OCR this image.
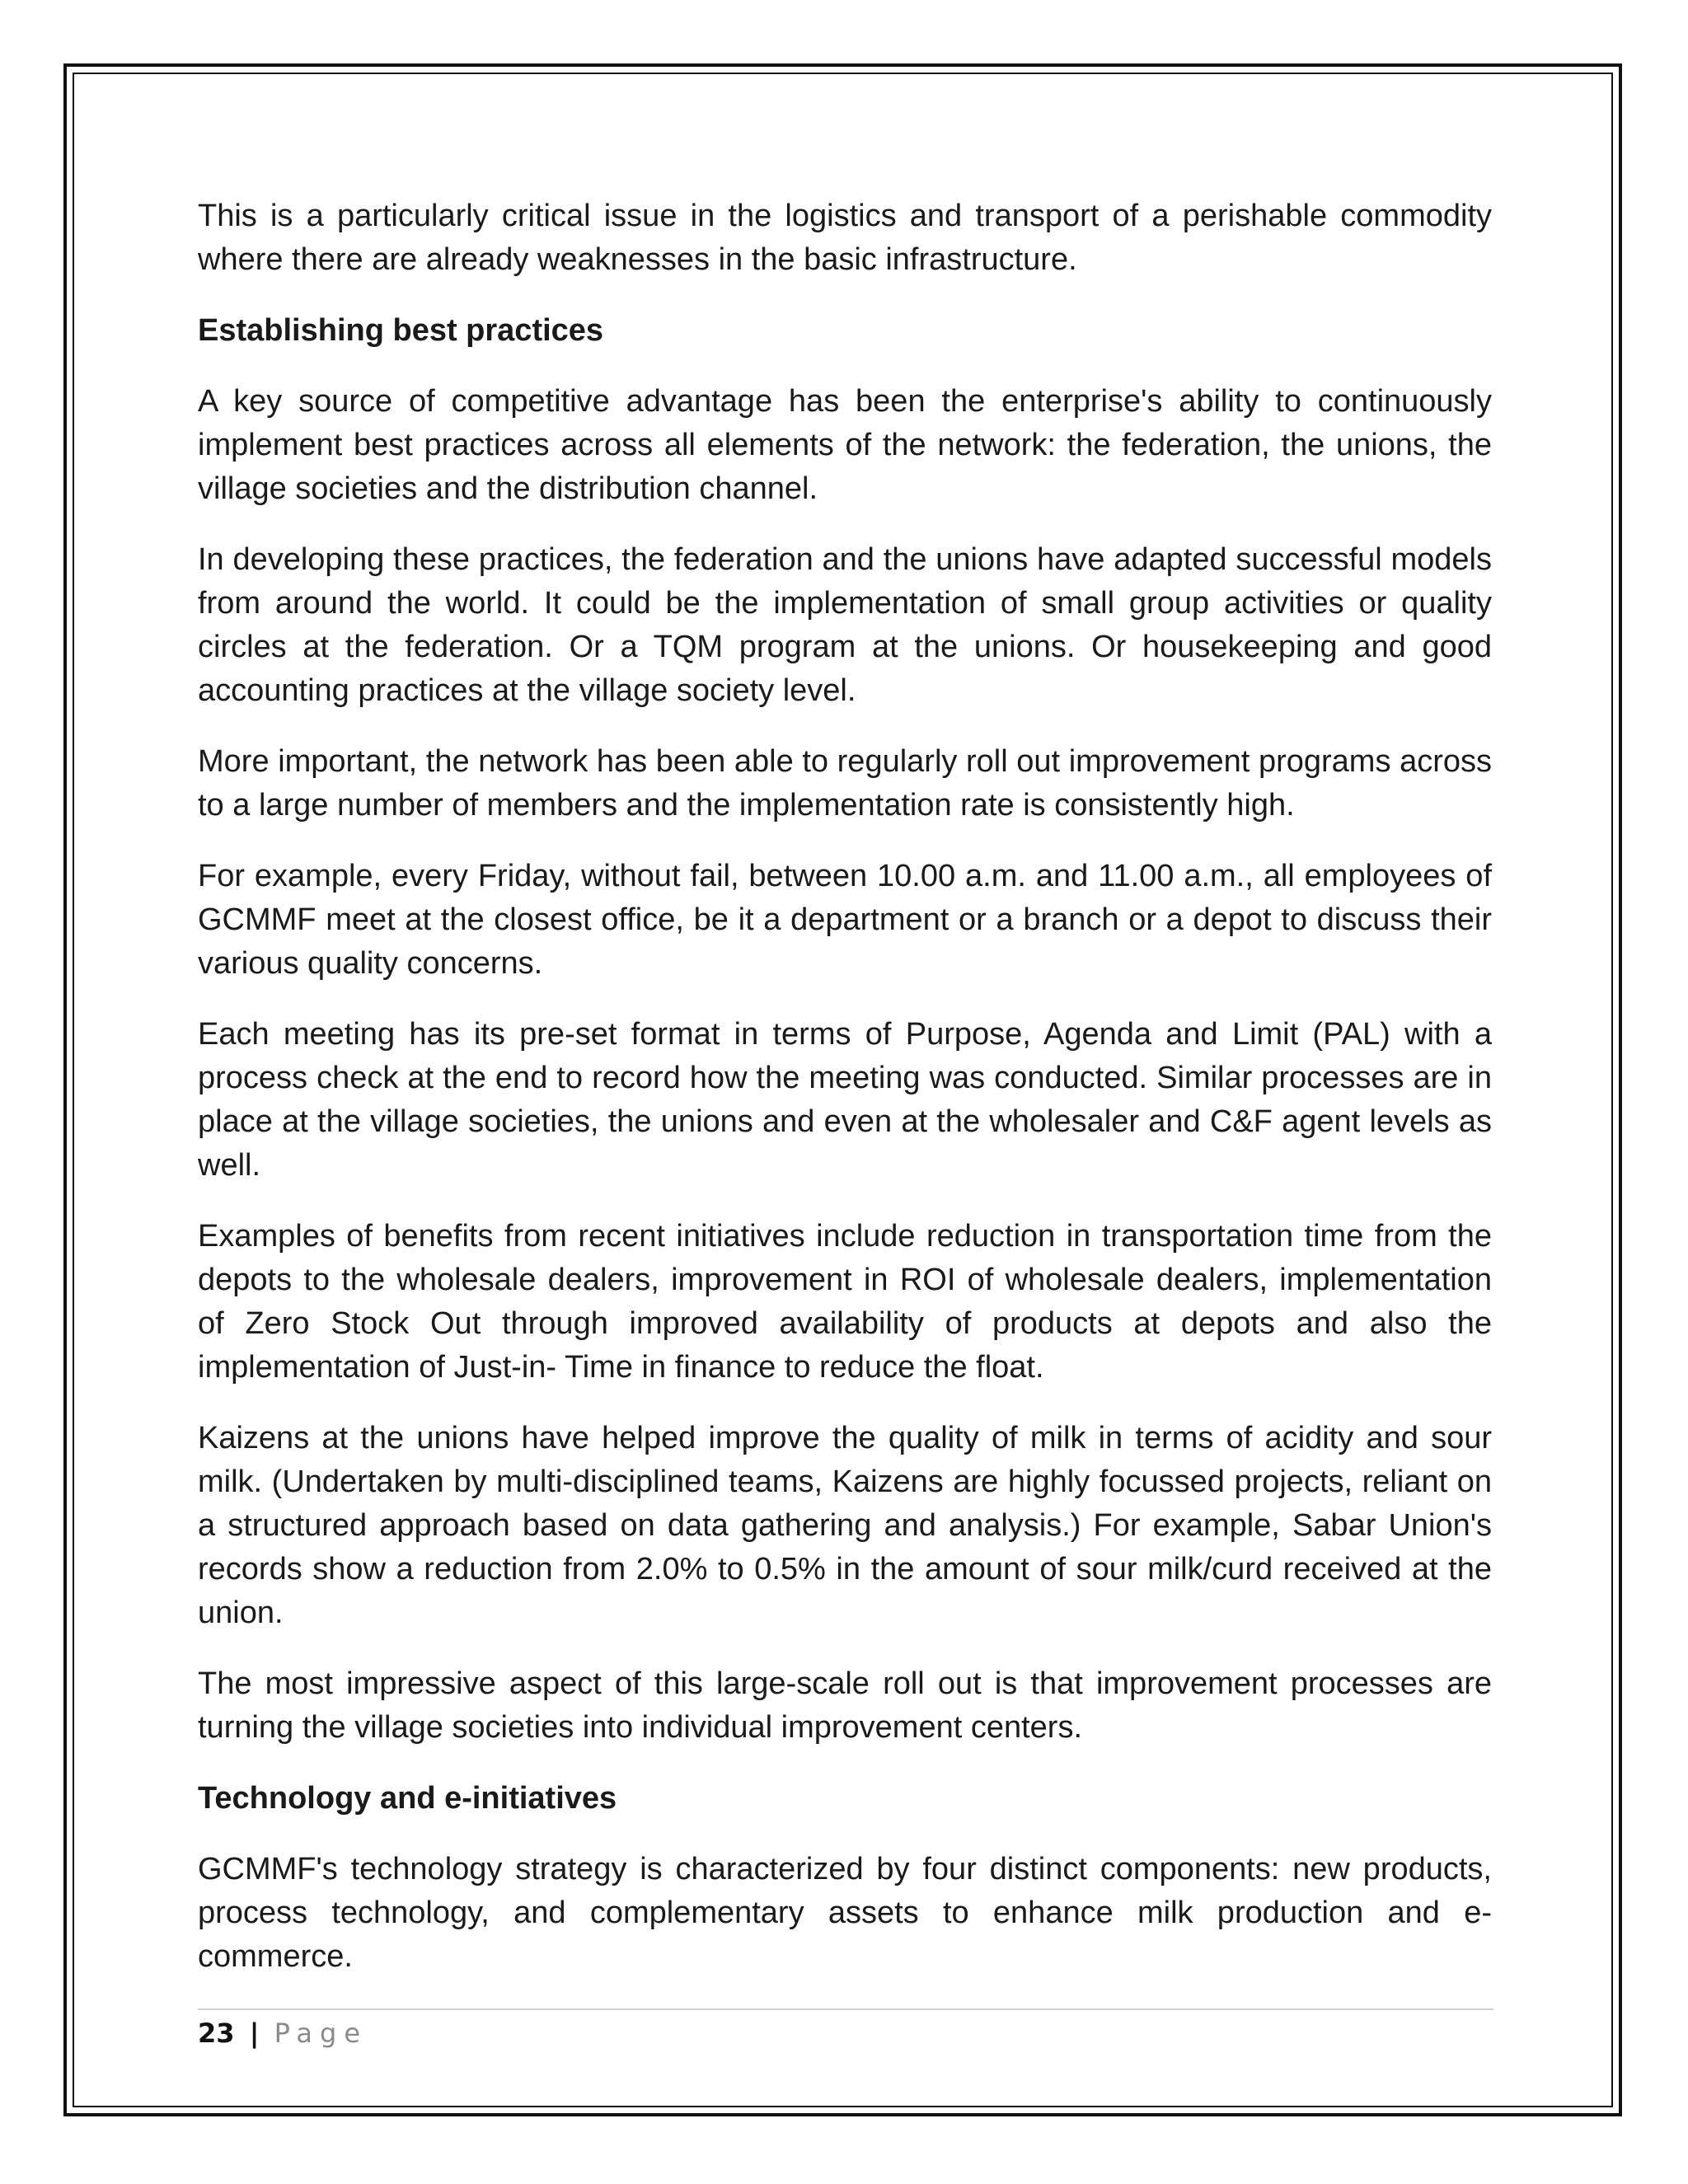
This is a particularly critical issue in the logistics and transport of a perishable commodity where there are already weaknesses in the basic infrastructure.

Establishing best practices

A key source of competitive advantage has been the enterprise's ability to continuously implement best practices across all elements of the network: the federation, the unions, the village societies and the distribution channel.

In developing these practices, the federation and the unions have adapted successful models from around the world. It could be the implementation of small group activities or quality circles at the federation. Or a TQM program at the unions. Or housekeeping and good accounting practices at the village society level.

More important, the network has been able to regularly roll out improvement programs across to a large number of members and the implementation rate is consistently high.

For example, every Friday, without fail, between 10.00 a.m. and 11.00 a.m., all employees of GCMMF meet at the closest office, be it a department or a branch or a depot to discuss their various quality concerns.

Each meeting has its pre-set format in terms of Purpose, Agenda and Limit (PAL) with a process check at the end to record how the meeting was conducted. Similar processes are in place at the village societies, the unions and even at the wholesaler and C&F agent levels as well.

Examples of benefits from recent initiatives include reduction in transportation time from the depots to the wholesale dealers, improvement in ROI of wholesale dealers, implementation of Zero Stock Out through improved availability of products at depots and also the implementation of Just-in- Time in finance to reduce the float.

Kaizens at the unions have helped improve the quality of milk in terms of acidity and sour milk. (Undertaken by multi-disciplined teams, Kaizens are highly focussed projects, reliant on a structured approach based on data gathering and analysis.) For example, Sabar Union's records show a reduction from 2.0% to 0.5% in the amount of sour milk/curd received at the union.

The most impressive aspect of this large-scale roll out is that improvement processes are turning the village societies into individual improvement centers.

Technology and e-initiatives

GCMMF's technology strategy is characterized by four distinct components: new products, process technology, and complementary assets to enhance milk production and e- commerce.

23 | Page
